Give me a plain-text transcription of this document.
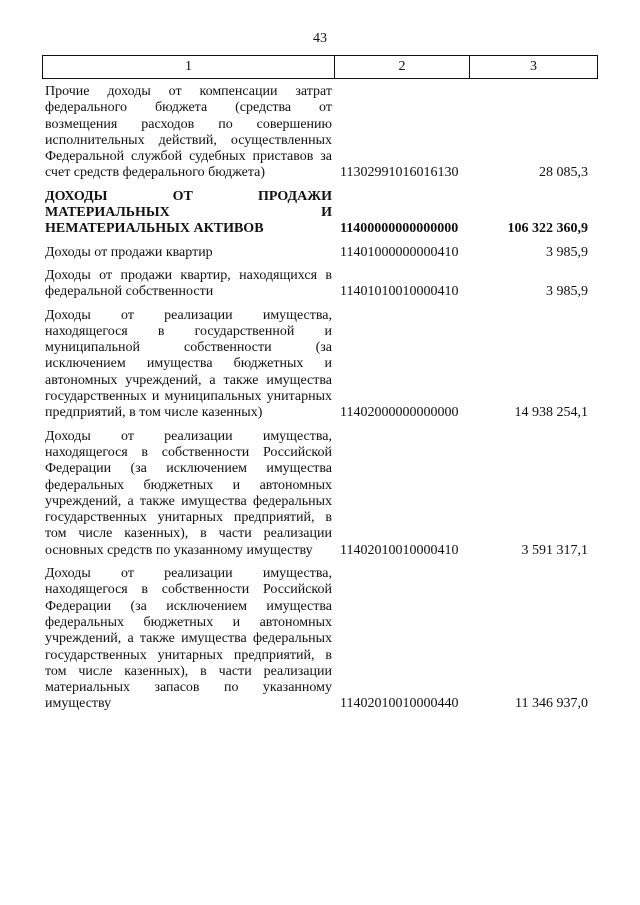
43
1	2	3
Прочие доходы от компенсации затрат федерального бюджета (средства от возмещения расходов по совершению исполнительных действий, осуществленных Федеральной службой судебных приставов за счет средств федерального бюджета)	11302991016016130	28 085,3
ДОХОДЫ ОТ ПРОДАЖИ МАТЕРИАЛЬНЫХ И НЕМАТЕРИАЛЬНЫХ АКТИВОВ	11400000000000000	106 322 360,9
Доходы от продажи квартир	11401000000000410	3 985,9
Доходы от продажи квартир, находящихся в федеральной собственности	11401010010000410	3 985,9
Доходы от реализации имущества, находящегося в государственной и муниципальной собственности (за исключением имущества бюджетных и автономных учреждений, а также имущества государственных и муниципальных унитарных предприятий, в том числе казенных)	11402000000000000	14 938 254,1
Доходы от реализации имущества, находящегося в собственности Российской Федерации (за исключением имущества федеральных бюджетных и автономных учреждений, а также имущества федеральных государственных унитарных предприятий, в том числе казенных), в части реализации основных средств по указанному имуществу	11402010010000410	3 591 317,1
Доходы от реализации имущества, находящегося в собственности Российской Федерации (за исключением имущества федеральных бюджетных и автономных учреждений, а также имущества федеральных государственных унитарных предприятий, в том числе казенных), в части реализации материальных запасов по указанному имуществу	11402010010000440	11 346 937,0
